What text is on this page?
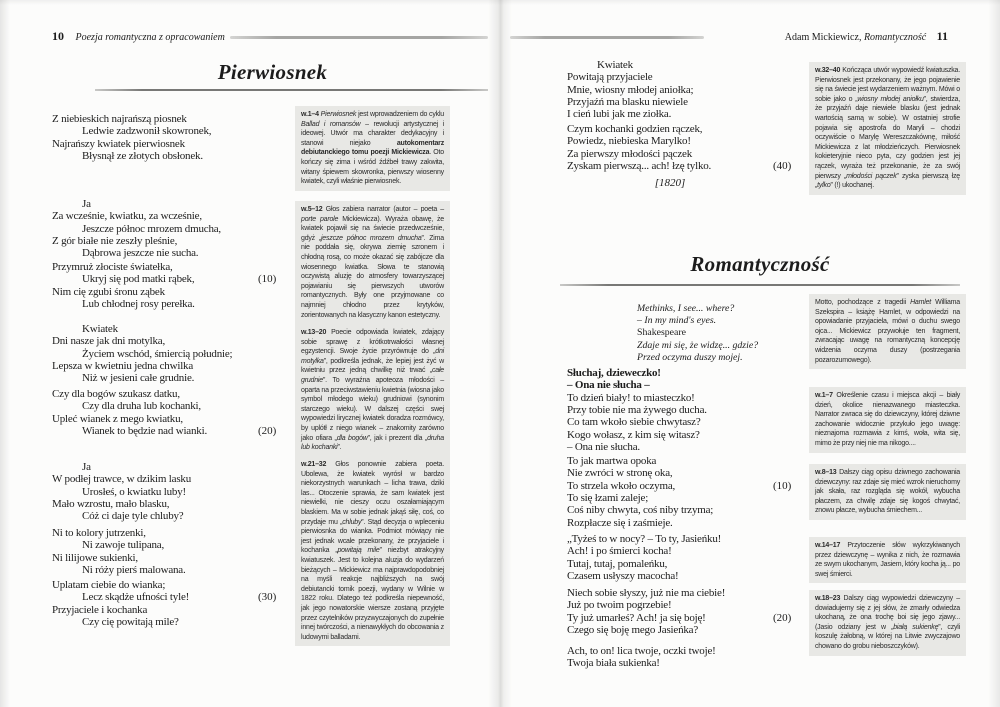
10 Poezja romantyczna z opracowaniem
Pierwiosnek
Z niebieskich najrańszą piosnek
Ledwie zadzwonił skowronek,
Najrańszy kwiatek pierwiosnek
Błysnął ze złotych obsłonek.
Ja
Za wcześnie, kwiatku, za wcześnie,
Jeszcze północ mrozem dmucha,
Z gór białe nie zeszły pleśnie,
Dąbrowa jeszcze nie sucha.
Przymruż złociste światełka,
Ukryj się pod matki rąbek,	(10)
Nim cię zgubi śronu ząbek
Lub chłodnej rosy perełka.
Kwiatek
Dni nasze jak dni motylka,
Życiem wschód, śmiercią południe;
Lepsza w kwietniu jedna chwilka
Niż w jesieni całe grudnie.
Czy dla bogów szukasz datku,
Czy dla druha lub kochanki,
Upleć wianek z mego kwiatku,
Wianek to będzie nad wianki.	(20)
Ja
W podłej trawce, w dzikim lasku
Urosłeś, o kwiatku luby!
Mało wzrostu, mało blasku,
Cóż ci daje tyle chluby?
Ni to kolory jutrzenki,
Ni zawoje tulipana,
Ni lilijowe sukienki,
Ni róży pierś malowana.
Uplatam ciebie do wianka;
Lecz skądże ufności tyle!	(30)
Przyjaciele i kochanka
Czy cię powitają mile?
w.1–4 Pierwiosnek jest wprowadzeniem do cyklu Ballad i romansów – rewolucji artystycznej i ideowej. Utwór ma charakter dedykacyjny i stanowi niejako autokomentarz debiutanckiego tomu poezji Mickiewicza. Oto kończy się zima i wśród źdźbeł trawy zakwita, witany śpiewem skowronka, pierwszy wiosenny kwiatek, czyli właśnie pierwiosnek.
w.5–12 Głos zabiera narrator (autor – poeta – porte parole Mickiewicza). Wyraża obawę, że kwiatek pojawił się na świecie przedwcześnie, gdyż „jeszcze północ mrozem dmucha”. Zima nie poddała się, okrywa ziemię szronem i chłodną rosą, co może okazać się zabójcze dla wiosennego kwiatka. Słowa te stanowią oczywistą aluzję do atmosfery towarzyszącej pojawianiu się pierwszych utworów romantycznych. Były one przyjmowane co najmniej chłodno przez krytyków, zorientowanych na klasyczny kanon estetyczny.
w.13–20 Poecie odpowiada kwiatek, zdający sobie sprawę z krótkotrwałości własnej egzystencji. Swoje życie przyrównuje do „dni motylka”, podkreśla jednak, że lepiej jest żyć w kwietniu przez jedną chwilkę niż trwać „całe grudnie”. To wyraźna apoteoza młodości – oparta na przeciwstawieniu kwietnia (wiosna jako symbol młodego wieku) grudniowi (synonim starczego wieku). W dalszej części swej wypowiedzi lirycznej kwiatek doradza rozmówcy, by uplótł z niego wianek – znakomity zarówno jako ofiara „dla bogów”, jak i prezent dla „druha lub kochanki”.
w.21–32 Głos ponownie zabiera poeta. Ubolewa, że kwiatek wyrósł w bardzo niekorzystnych warunkach – licha trawa, dziki las... Otoczenie sprawia, że sam kwiatek jest niewielki, nie cieszy oczu oszałamiającym blaskiem. Ma w sobie jednak jakąś siłę, coś, co przydaje mu „chluby”. Stąd decyzja o wpleceniu pierwiosnka do wianka. Podmiot mówiący nie jest jednak wcale przekonany, że przyjaciele i kochanka „powitają mile” niezbyt atrakcyjny kwiatuszek. Jest to kolejna aluzja do wydarzeń bieżących – Mickiewicz ma najprawdopodobniej na myśli reakcje najbliższych na swój debiutancki tomik poezji, wydany w Wilnie w 1822 roku. Dlatego też podkreśla niepewność, jak jego nowatorskie wiersze zostaną przyjęte przez czytelników przyzwyczajonych do zupełnie innej twórczości, a nienawykłych do obcowania z ludowymi balladami.
Adam Mickiewicz, Romantyczność 11
Kwiatek
Powitają przyjaciele
Mnie, wiosny młodej aniołka;
Przyjaźń ma blasku niewiele
I cień lubi jak me ziołka.
Czym kochanki godzien rączek,
Powiedz, niebieska Marylko!
Za pierwszy młodości pączek
Zyskam pierwszą... ach! łzę tylko.	(40)
[1820]
Romantyczność
Methinks, I see... where?
– In my mind's eyes.
Shakespeare
Zdaje mi się, że widzę... gdzie?
Przed oczyma duszy mojej.
Słuchaj, dzieweczko!
– Ona nie słucha –
To dzień biały! to miasteczko!
Przy tobie nie ma żywego ducha.
Co tam wkoło siebie chwytasz?
Kogo wołasz, z kim się witasz?
– Ona nie słucha.
To jak martwa opoka
Nie zwróci w stronę oka,
To strzela wkoło oczyma,	(10)
To się łzami zaleje;
Coś niby chwyta, coś niby trzyma;
Rozpłacze się i zaśmieje.
„Tyżeś to w nocy? – To ty, Jasieńku!
Ach! i po śmierci kocha!
Tutaj, tutaj, pomaleńku,
Czasem usłyszy macocha!
Niech sobie słyszy, już nie ma ciebie!
Już po twoim pogrzebie!
Ty już umarłeś? Ach! ja się boję!	(20)
Czego się boję mego Jasieńka?
Ach, to on! lica twoje, oczki twoje!
Twoja biała sukienka!
w.32–40 Kończąca utwór wypowiedź kwiatuszka. Pierwiosnek jest przekonany, że jego pojawienie się na świecie jest wydarzeniem ważnym. Mówi o sobie jako o „wiosny młodej aniołku”, stwierdza, że przyjaźń daje niewiele blasku (jest jednak wartością samą w sobie). W ostatniej strofie pojawia się apostrofa do Maryli – chodzi oczywiście o Marylę Wereszczakównę, miłość Mickiewicza z lat młodzieńczych. Pierwiosnek kokieteryjnie nieco pyta, czy godzien jest jej rączek, wyraża też przekonanie, że za swój pierwszy „młodości pączek” zyska pierwszą łzę „tylko” (!) ukochanej.
Motto, pochodzące z tragedii Hamlet Williama Szekspira – książę Hamlet, w odpowiedzi na opowiadanie przyjaciela, mówi o duchu swego ojca... Mickiewicz przywołuje ten fragment, zwracając uwagę na romantyczną koncepcję widzenia oczyma duszy (postrzegania pozarozumowego).
w.1–7 Określenie czasu i miejsca akcji – biały dzień, okolice nienazwanego miasteczka. Narrator zwraca się do dziewczyny, której dziwne zachowanie widocznie przykuło jego uwagę: nieznajoma rozmawia z kimś, woła, wita się, mimo że przy niej nie ma nikogo....
w.8–13 Dalszy ciąg opisu dziwnego zachowania dziewczyny: raz zdaje się mieć wzrok nieruchomy jak skała, raz rozgląda się wokół, wybucha płaczem, za chwilę zdaje się kogoś chwytać, znowu płacze, wybucha śmiechem...
w.14–17 Przytoczenie słów wykrzykiwanych przez dziewczynę – wynika z nich, że rozmawia ze swym ukochanym, Jasiem, który kocha ją... po swej śmierci.
w.18–23 Dalszy ciąg wypowiedzi dziewczyny – dowiadujemy się z jej słów, że zmarły odwiedza ukochaną, że ona trochę boi się jego zjawy... (Jasio odziany jest w „białą sukienkę”, czyli koszulę żałobną, w której na Litwie zwyczajowo chowano do grobu nieboszczyków).
